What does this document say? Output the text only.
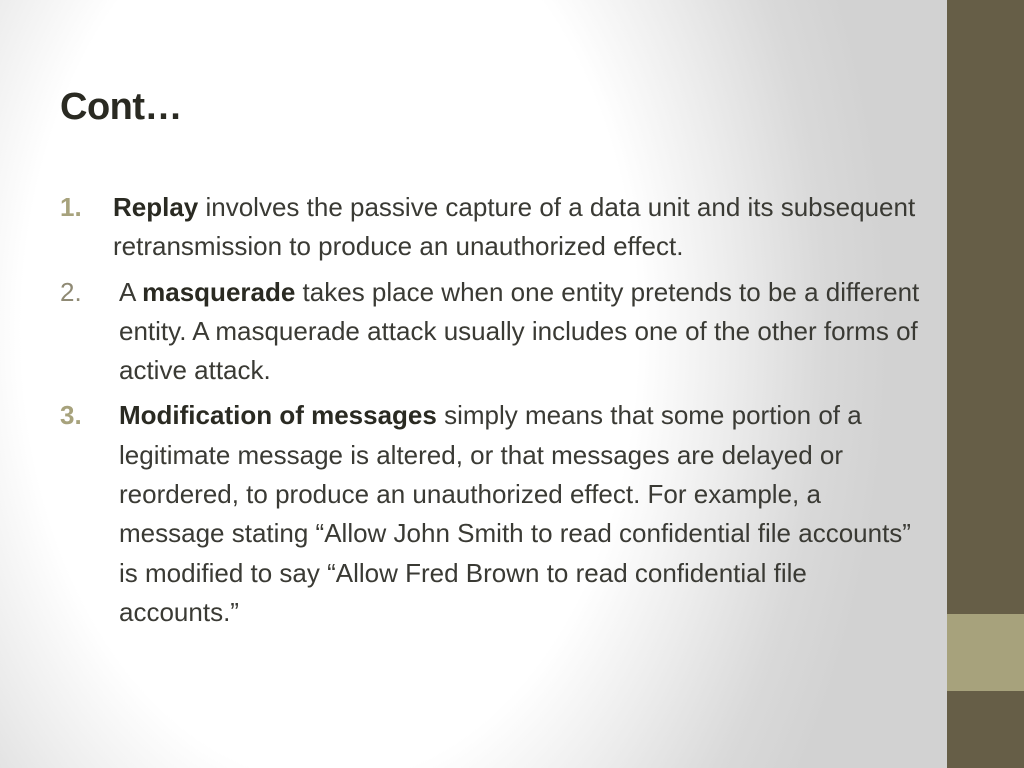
Cont…
1.	Replay involves the passive capture of a data unit and its subsequent retransmission to produce an unauthorized effect.
2.	A masquerade takes place when one entity pretends to be a different entity. A masquerade attack usually includes one of the other forms of active attack.
3.	Modification of messages simply means that some portion of a legitimate message is altered, or that messages are delayed or reordered, to produce an unauthorized effect. For example, a message stating “Allow John Smith to read confidential file accounts” is modified to say “Allow Fred Brown to read confidential file accounts.”
